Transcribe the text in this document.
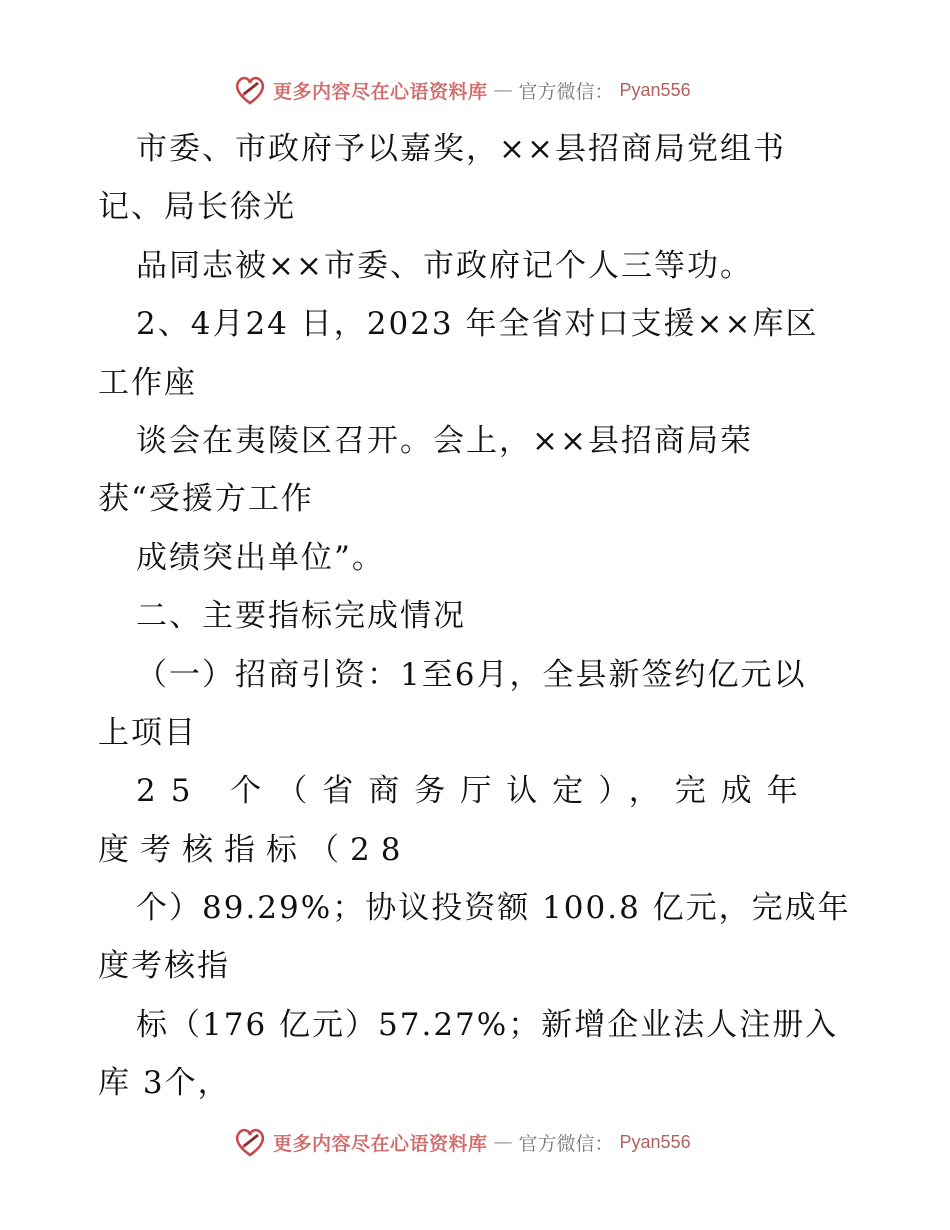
更多内容尽在心语资料库 — 官方微信： Pyan556
市委、市政府予以嘉奖，××县招商局党组书
记、局长徐光
品同志被××市委、市政府记个人三等功。
2、4月24 日，2023 年全省对口支援××库区
工作座
谈会在夷陵区召开。会上，××县招商局荣
获“受援方工作
成绩突出单位”。
二、主要指标完成情况
（一）招商引资：1至6月，全县新签约亿元以
上项目
25 个（省商务厅认定），完成年
度考核指标（28
个）89.29%；协议投资额 100.8 亿元，完成年
度考核指
标（176 亿元）57.27%；新增企业法人注册入
库 3个，
更多内容尽在心语资料库 — 官方微信： Pyan556
